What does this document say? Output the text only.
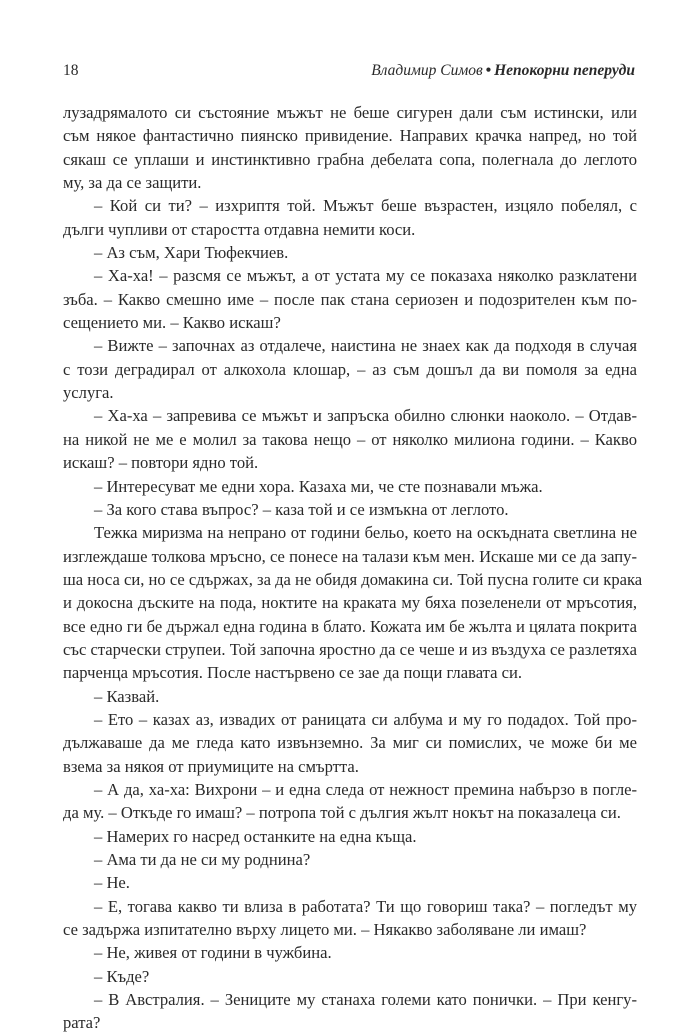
18	Владимир Симов • Непокорни пеперуди
лузадрямалото си състояние мъжът не беше сигурен дали съм истински, или
съм някое фантастично пиянско привидение. Направих крачка напред, но той
сякаш се уплаши и инстинктивно грабна дебелата сопа, полегнала до леглото
му, за да се защити.
– Кой си ти? – изхриптя той. Мъжът беше възрастен, изцяло побелял, с
дълги чупливи от старостта отдавна немити коси.
– Аз съм, Хари Тюфекчиев.
– Ха-ха! – разсмя се мъжът, а от устата му се показаха няколко разклатени
зъба. – Какво смешно име – после пак стана сериозен и подозрителен към по-
сещението ми. – Какво искаш?
– Вижте – започнах аз отдалече, наистина не знаех как да подходя в случая
с този деградирал от алкохола клошар, – аз съм дошъл да ви помоля за една
услуга.
– Ха-ха – запревива се мъжът и запръска обилно слюнки наоколо. – Отдав-
на никой не ме е молил за такова нещо – от няколко милиона години. – Какво
искаш? – повтори ядно той.
– Интересуват ме едни хора. Казаха ми, че сте познавали мъжа.
– За кого става въпрос? – каза той и се измъкна от леглото.
Тежка миризма на непрано от години бельо, което на оскъдната светлина не
изглеждаше толкова мръсно, се понесе на талази към мен. Искаше ми се да запу-
ша носа си, но се сдържах, за да не обидя домакина си. Той пусна голите си крака
и докосна дъските на пода, ноктите на краката му бяха позеленели от мръсотия,
все едно ги бе държал една година в блато. Кожата им бе жълта и цялата покрита
със старчески струпеи. Той започна яростно да се чеше и из въздуха се разлетяха
парченца мръсотия. После настървено се зае да пощи главата си.
– Казвай.
– Ето – казах аз, извадих от раницата си албума и му го подадох. Той про-
дължаваше да ме гледа като извънземно. За миг си помислих, че може би ме
взема за някоя от приумиците на смъртта.
– А да, ха-ха: Вихрони – и една следа от нежност премина набързо в погле-
да му. – Откъде го имаш? – потропа той с дългия жълт нокът на показалеца си.
– Намерих го насред останките на една къща.
– Ама ти да не си му роднина?
– Не.
– Е, тогава какво ти влиза в работата? Ти що говориш така? – погледът му
се задържа изпитателно върху лицето ми. – Някакво заболяване ли имаш?
– Не, живея от години в чужбина.
– Къде?
– В Австралия. – Зениците му станаха големи като понички. – При кенгу-
рата?
